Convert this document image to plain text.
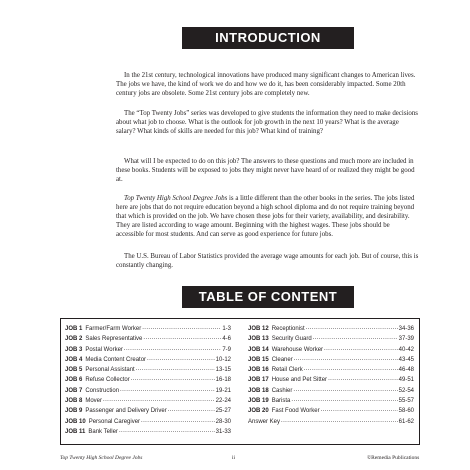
INTRODUCTION

In the 21st century, technological innovations have produced many significant changes to American lives. The jobs we have, the kind of work we do and how we do it, has been considerably impacted. Some 20th century jobs are obsolete. Some 21st century jobs are completely new.

The “Top Twenty Jobs” series was developed to give students the information they need to make decisions about what job to choose. What is the outlook for job growth in the next 10 years? What is the average salary? What kinds of skills are needed for this job? What kind of training?

What will I be expected to do on this job? The answers to these questions and much more are included in these books. Students will be exposed to jobs they might never have heard of or realized they might be good at.

Top Twenty High School Degree Jobs is a little different than the other books in the series. The jobs listed here are jobs that do not require education beyond a high school diploma and do not require training beyond that which is provided on the job. We have chosen these jobs for their variety, availability, and desirability. They are listed according to wage amount. Beginning with the highest wages. These jobs should be accessible for most students. And can serve as good experience for future jobs.

The U.S. Bureau of Labor Statistics provided the average wage amounts for each job. But of course, this is constantly changing.

TABLE OF CONTENT
JOB 1 Farmer/Farm Worker .....	1-3
JOB 2 Sales Representative .....	4-6
JOB 3 Postal Worker .....	7-9
JOB 4 Media Content Creator .....	10-12
JOB 5 Personal Assistant .....	13-15
JOB 6 Refuse Collector .....	16-18
JOB 7 Construction .....	19-21
JOB 8 Mover .....	22-24
JOB 9 Passenger and Delivery Driver .....	25-27
JOB 10 Personal Caregiver .....	28-30
JOB 11 Bank Teller .....	31-33
JOB 12 Receptionist .....	34-36
JOB 13 Security Guard .....	37-39
JOB 14 Warehouse Worker .....	40-42
JOB 15 Cleaner .....	43-45
JOB 16 Retail Clerk .....	46-48
JOB 17 House and Pet Sitter .....	49-51
JOB 18 Cashier .....	52-54
JOB 19 Barista .....	55-57
JOB 20 Fast Food Worker .....	58-60
Answer Key .....	61-62
Top Twenty High School Degree Jobs	ii	©Remedia Publications
